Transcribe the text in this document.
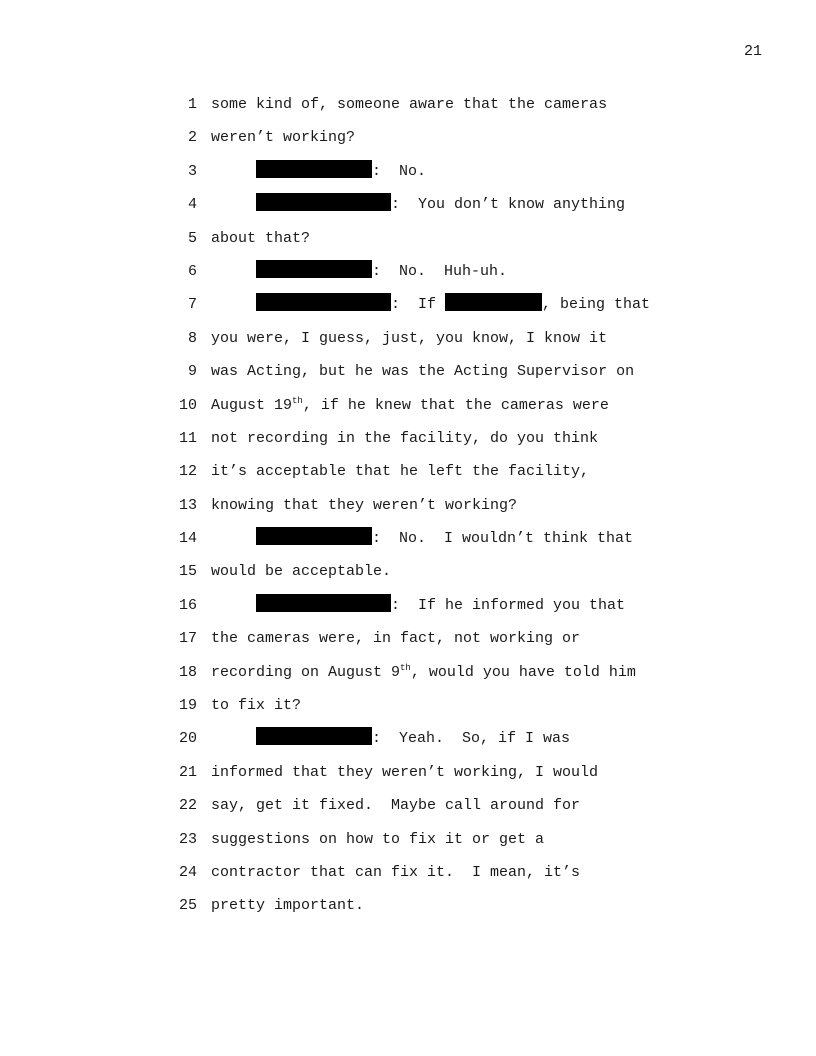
21
1 some kind of, someone aware that the cameras
2 weren’t working?
3	:  No.
4	:  You don’t know anything
5 about that?
6	:  No.  Huh-uh.
7	:  If	, being that
8 you were, I guess, just, you know, I know it
9 was Acting, but he was the Acting Supervisor on
10 August 19th, if he knew that the cameras were
11 not recording in the facility, do you think
12 it’s acceptable that he left the facility,
13 knowing that they weren’t working?
14	:  No.  I wouldn’t think that
15 would be acceptable.
16	:  If he informed you that
17 the cameras were, in fact, not working or
18 recording on August 9th, would you have told him
19 to fix it?
20	:  Yeah.  So, if I was
21 informed that they weren’t working, I would
22 say, get it fixed.  Maybe call around for
23 suggestions on how to fix it or get a
24 contractor that can fix it.  I mean, it’s
25 pretty important.
